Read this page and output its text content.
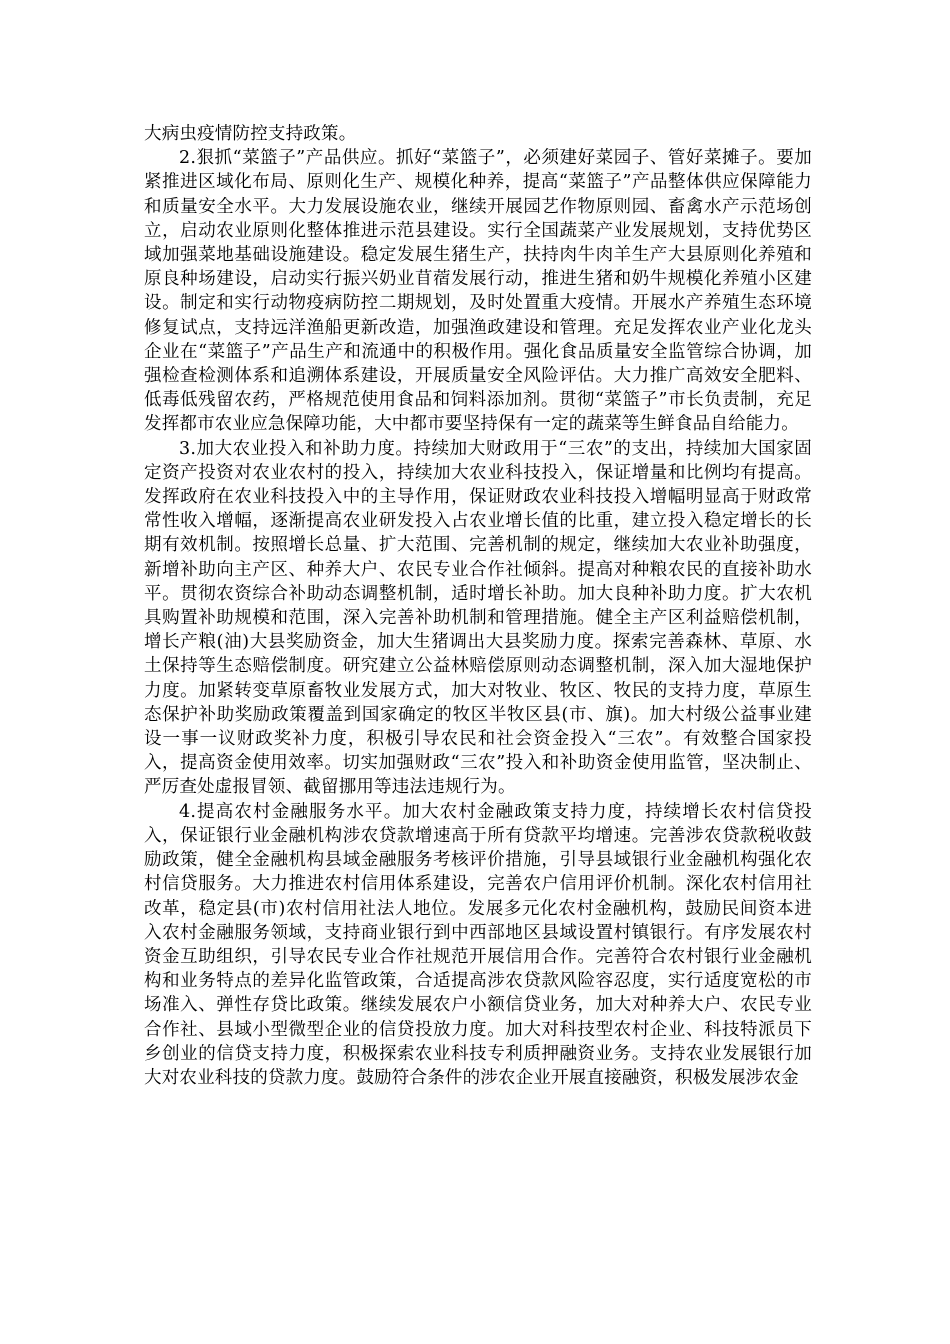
大病虫疫情防控支持政策。

2.狠抓“菜篮子”产品供应。抓好“菜篮子”，必须建好菜园子、管好菜摊子。要加紧推进区域化布局、原则化生产、规模化种养，提高“菜篮子”产品整体供应保障能力和质量安全水平。大力发展设施农业，继续开展园艺作物原则园、畜禽水产示范场创立，启动农业原则化整体推进示范县建设。实行全国蔬菜产业发展规划，支持优势区域加强菜地基础设施建设。稳定发展生猪生产，扶持肉牛肉羊生产大县原则化养殖和原良种场建设，启动实行振兴奶业苜蓿发展行动，推进生猪和奶牛规模化养殖小区建设。制定和实行动物疫病防控二期规划，及时处置重大疫情。开展水产养殖生态环境修复试点，支持远洋渔船更新改造，加强渔政建设和管理。充足发挥农业产业化龙头企业在“菜篮子”产品生产和流通中的积极作用。强化食品质量安全监管综合协调，加强检查检测体系和追溯体系建设，开展质量安全风险评估。大力推广高效安全肥料、低毒低残留农药，严格规范使用食品和饲料添加剂。贯彻“菜篮子”市长负责制，充足发挥都市农业应急保障功能，大中都市要坚持保有一定的蔬菜等生鲜食品自给能力。

3.加大农业投入和补助力度。持续加大财政用于“三农”的支出，持续加大国家固定资产投资对农业农村的投入，持续加大农业科技投入，保证增量和比例均有提高。发挥政府在农业科技投入中的主导作用，保证财政农业科技投入增幅明显高于财政常常性收入增幅，逐渐提高农业研发投入占农业增长值的比重，建立投入稳定增长的长期有效机制。按照增长总量、扩大范围、完善机制的规定，继续加大农业补助强度，新增补助向主产区、种养大户、农民专业合作社倾斜。提高对种粮农民的直接补助水平。贯彻农资综合补助动态调整机制，适时增长补助。加大良种补助力度。扩大农机具购置补助规模和范围，深入完善补助机制和管理措施。健全主产区利益赔偿机制，增长产粮(油)大县奖励资金，加大生猪调出大县奖励力度。探索完善森林、草原、水土保持等生态赔偿制度。研究建立公益林赔偿原则动态调整机制，深入加大湿地保护力度。加紧转变草原畜牧业发展方式，加大对牧业、牧区、牧民的支持力度，草原生态保护补助奖励政策覆盖到国家确定的牧区半牧区县(市、旗)。加大村级公益事业建设一事一议财政奖补力度，积极引导农民和社会资金投入“三农”。有效整合国家投入，提高资金使用效率。切实加强财政“三农”投入和补助资金使用监管，坚决制止、严厉查处虚报冒领、截留挪用等违法违规行为。

4.提高农村金融服务水平。加大农村金融政策支持力度，持续增长农村信贷投入，保证银行业金融机构涉农贷款增速高于所有贷款平均增速。完善涉农贷款税收鼓励政策，健全金融机构县域金融服务考核评价措施，引导县域银行业金融机构强化农村信贷服务。大力推进农村信用体系建设，完善农户信用评价机制。深化农村信用社改革，稳定县(市)农村信用社法人地位。发展多元化农村金融机构，鼓励民间资本进入农村金融服务领域，支持商业银行到中西部地区县域设置村镇银行。有序发展农村资金互助组织，引导农民专业合作社规范开展信用合作。完善符合农村银行业金融机构和业务特点的差异化监管政策，合适提高涉农贷款风险容忍度，实行适度宽松的市场准入、弹性存贷比政策。继续发展农户小额信贷业务，加大对种养大户、农民专业合作社、县域小型微型企业的信贷投放力度。加大对科技型农村企业、科技特派员下乡创业的信贷支持力度，积极探索农业科技专利质押融资业务。支持农业发展银行加大对农业科技的贷款力度。鼓励符合条件的涉农企业开展直接融资，积极发展涉农金
